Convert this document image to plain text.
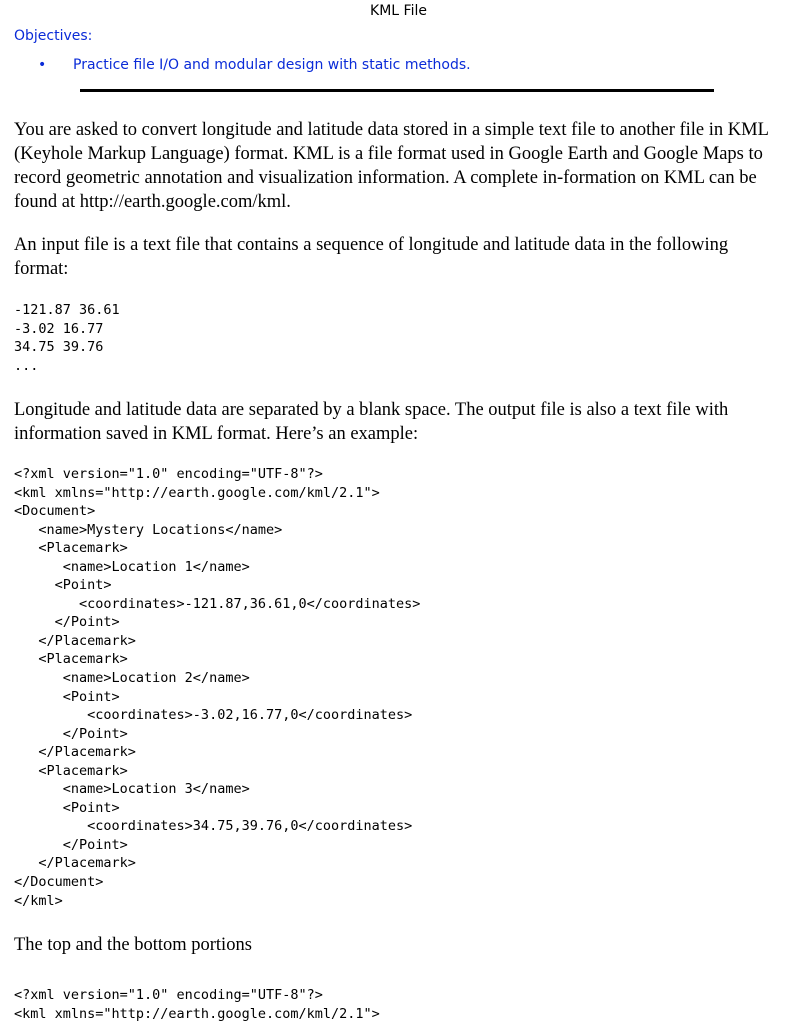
KML File
Objectives:
• Practice file I/O and modular design with static methods.

You are asked to convert longitude and latitude data stored in a simple text file to another file in KML (Keyhole Markup Language) format. KML is a file format used in Google Earth and Google Maps to record geometric annotation and visualization information. A complete in-formation on KML can be found at http://earth.google.com/kml.

An input file is a text file that contains a sequence of longitude and latitude data in the following format:

-121.87 36.61
-3.02 16.77
34.75 39.76
...

Longitude and latitude data are separated by a blank space. The output file is also a text file with information saved in KML format. Here’s an example:

<?xml version="1.0" encoding="UTF-8"?>
<kml xmlns="http://earth.google.com/kml/2.1">
<Document>
<name>Mystery Locations</name>
<Placemark>
<name>Location 1</name>
<Point>
<coordinates>-121.87,36.61,0</coordinates>
</Point>
</Placemark>
<Placemark>
<name>Location 2</name>
<Point>
<coordinates>-3.02,16.77,0</coordinates>
</Point>
</Placemark>
<Placemark>
<name>Location 3</name>
<Point>
<coordinates>34.75,39.76,0</coordinates>
</Point>
</Placemark>
</Document>
</kml>

The top and the bottom portions

<?xml version="1.0" encoding="UTF-8"?>
<kml xmlns="http://earth.google.com/kml/2.1">
